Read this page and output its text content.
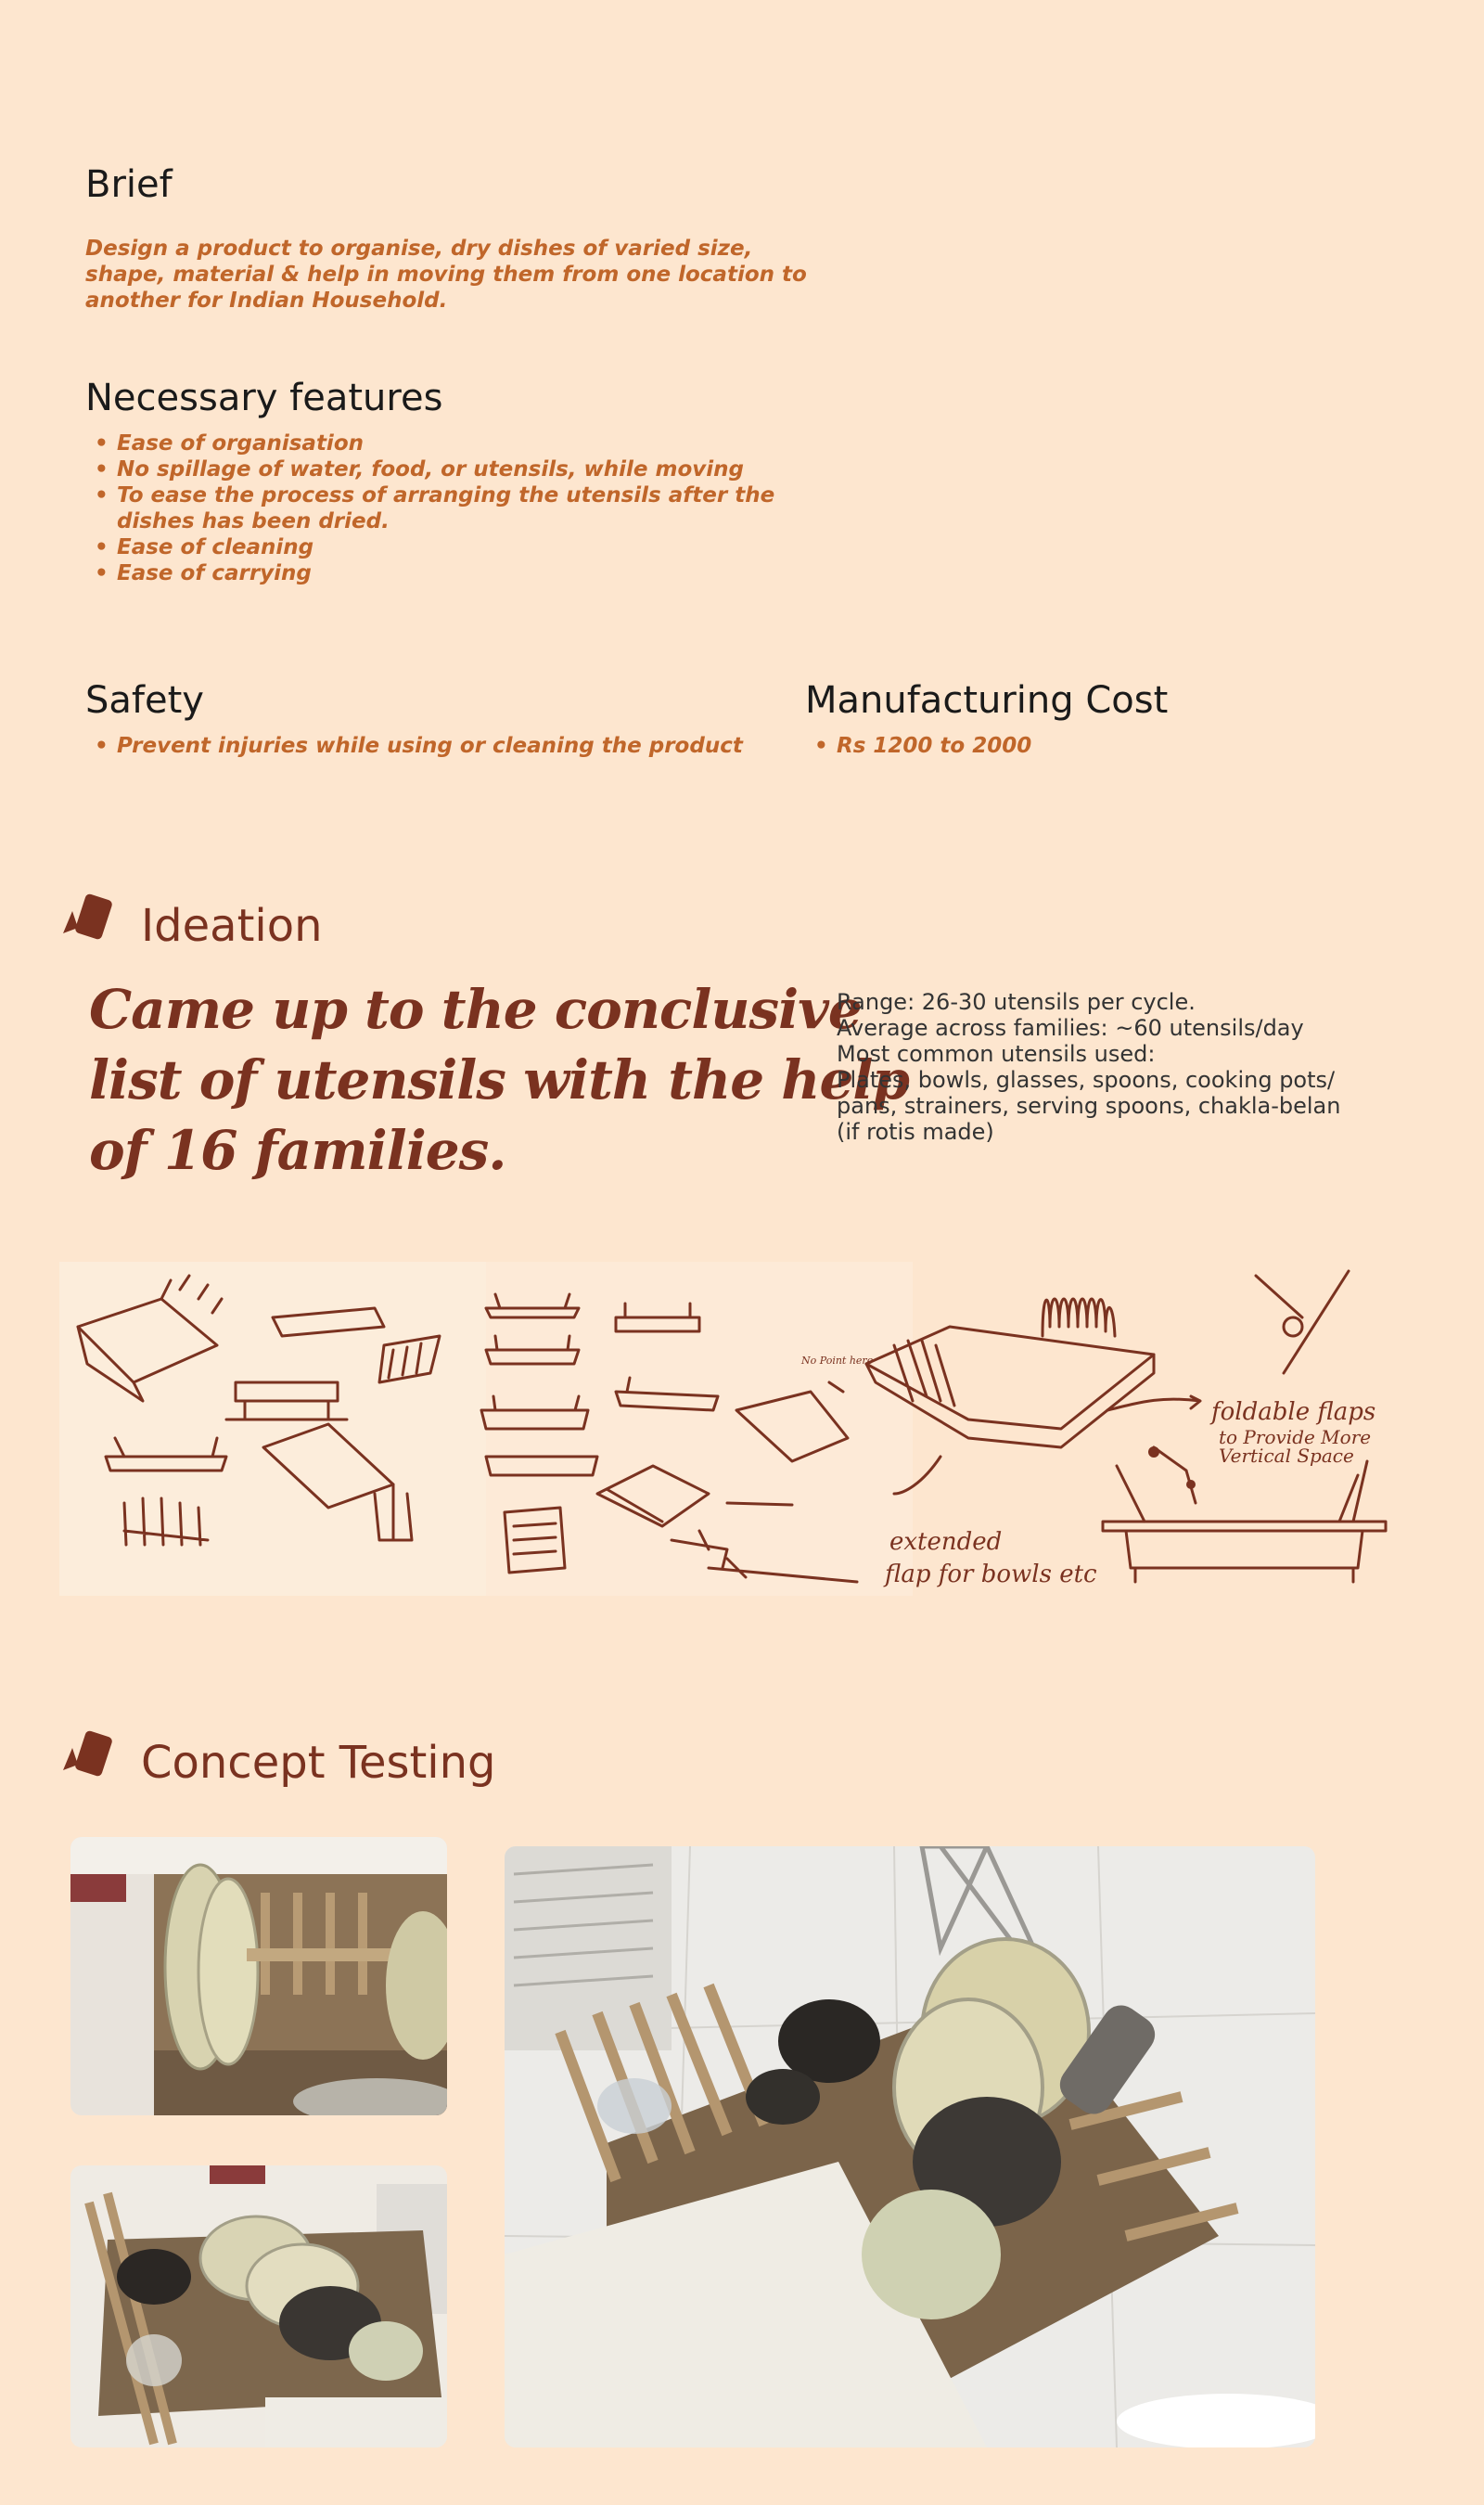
Brief
Design a product to organise, dry dishes of varied size,
shape, material & help in moving them from one location to
another for Indian Household.
Necessary features
• Ease of organisation
• No spillage of water, food, or utensils, while moving
• To ease the process of arranging the utensils after the
dishes has been dried.
• Ease of cleaning
• Ease of carrying
Safety
• Prevent injuries while using or cleaning the product
Manufacturing Cost
• Rs 1200 to 2000
Ideation
Came up to the conclusive
list of utensils with the help
of 16 families.
Range: 26-30 utensils per cycle.
Average across families: ~60 utensils/day
Most common utensils used:
Plates, bowls, glasses, spoons, cooking pots/
pans, strainers, serving spoons, chakla-belan
(if rotis made)
foldable flaps
to Provide More
Vertical Space
extended
flap for bowls etc
No Point here
Concept Testing
